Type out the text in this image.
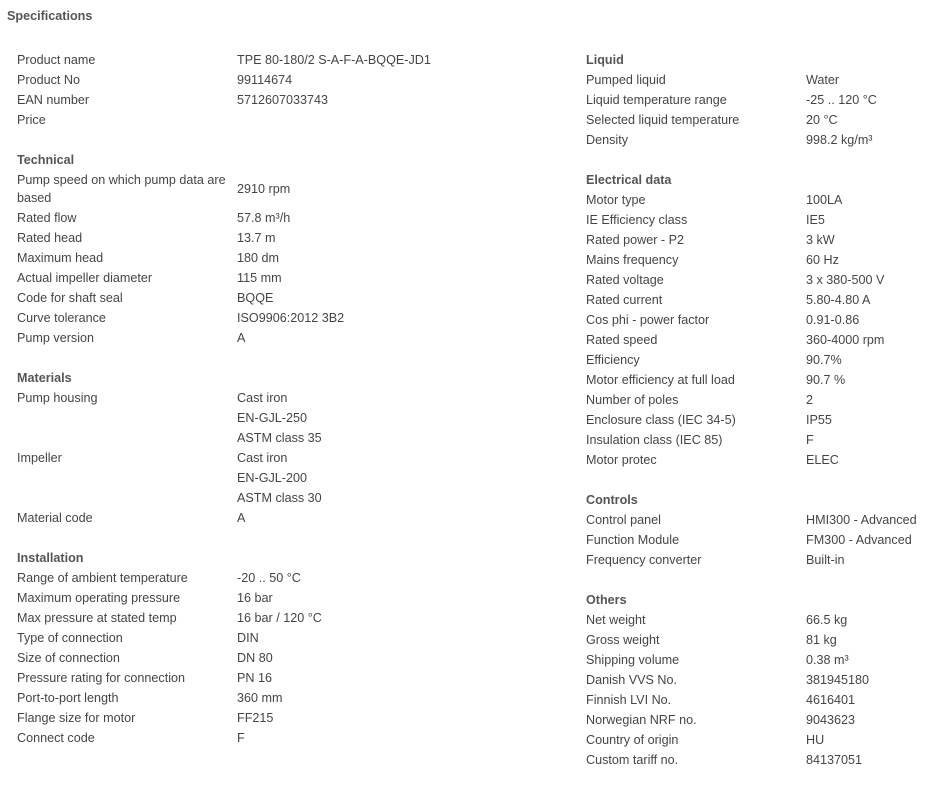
Specifications
Product name	TPE 80-180/2 S-A-F-A-BQQE-JD1
Product No	99114674
EAN number	5712607033743
Price
Technical
Pump speed on which pump data are based
2910 rpm
Rated flow	57.8 m³/h
Rated head	13.7 m
Maximum head	180 dm
Actual impeller diameter	115 mm
Code for shaft seal	BQQE
Curve tolerance	ISO9906:2012 3B2
Pump version	A
Materials
Pump housing	Cast iron
EN-GJL-250
ASTM class 35
Impeller	Cast iron
EN-GJL-200
ASTM class 30
Material code	A
Installation
Range of ambient temperature	-20 .. 50 °C
Maximum operating pressure	16 bar
Max pressure at stated temp	16 bar / 120 °C
Type of connection	DIN
Size of connection	DN 80
Pressure rating for connection	PN 16
Port-to-port length	360 mm
Flange size for motor	FF215
Connect code	F
Liquid
Pumped liquid	Water
Liquid temperature range	-25 .. 120 °C
Selected liquid temperature	20 °C
Density	998.2 kg/m³
Electrical data
Motor type	100LA
IE Efficiency class	IE5
Rated power - P2	3 kW
Mains frequency	60 Hz
Rated voltage	3 x 380-500 V
Rated current	5.80-4.80 A
Cos phi - power factor	0.91-0.86
Rated speed	360-4000 rpm
Efficiency	90.7%
Motor efficiency at full load	90.7 %
Number of poles	2
Enclosure class (IEC 34-5)	IP55
Insulation class (IEC 85)	F
Motor protec	ELEC
Controls
Control panel	HMI300 - Advanced
Function Module	FM300 - Advanced
Frequency converter	Built-in
Others
Net weight	66.5 kg
Gross weight	81 kg
Shipping volume	0.38 m³
Danish VVS No.	381945180
Finnish LVI No.	4616401
Norwegian NRF no.	9043623
Country of origin	HU
Custom tariff no.	84137051
